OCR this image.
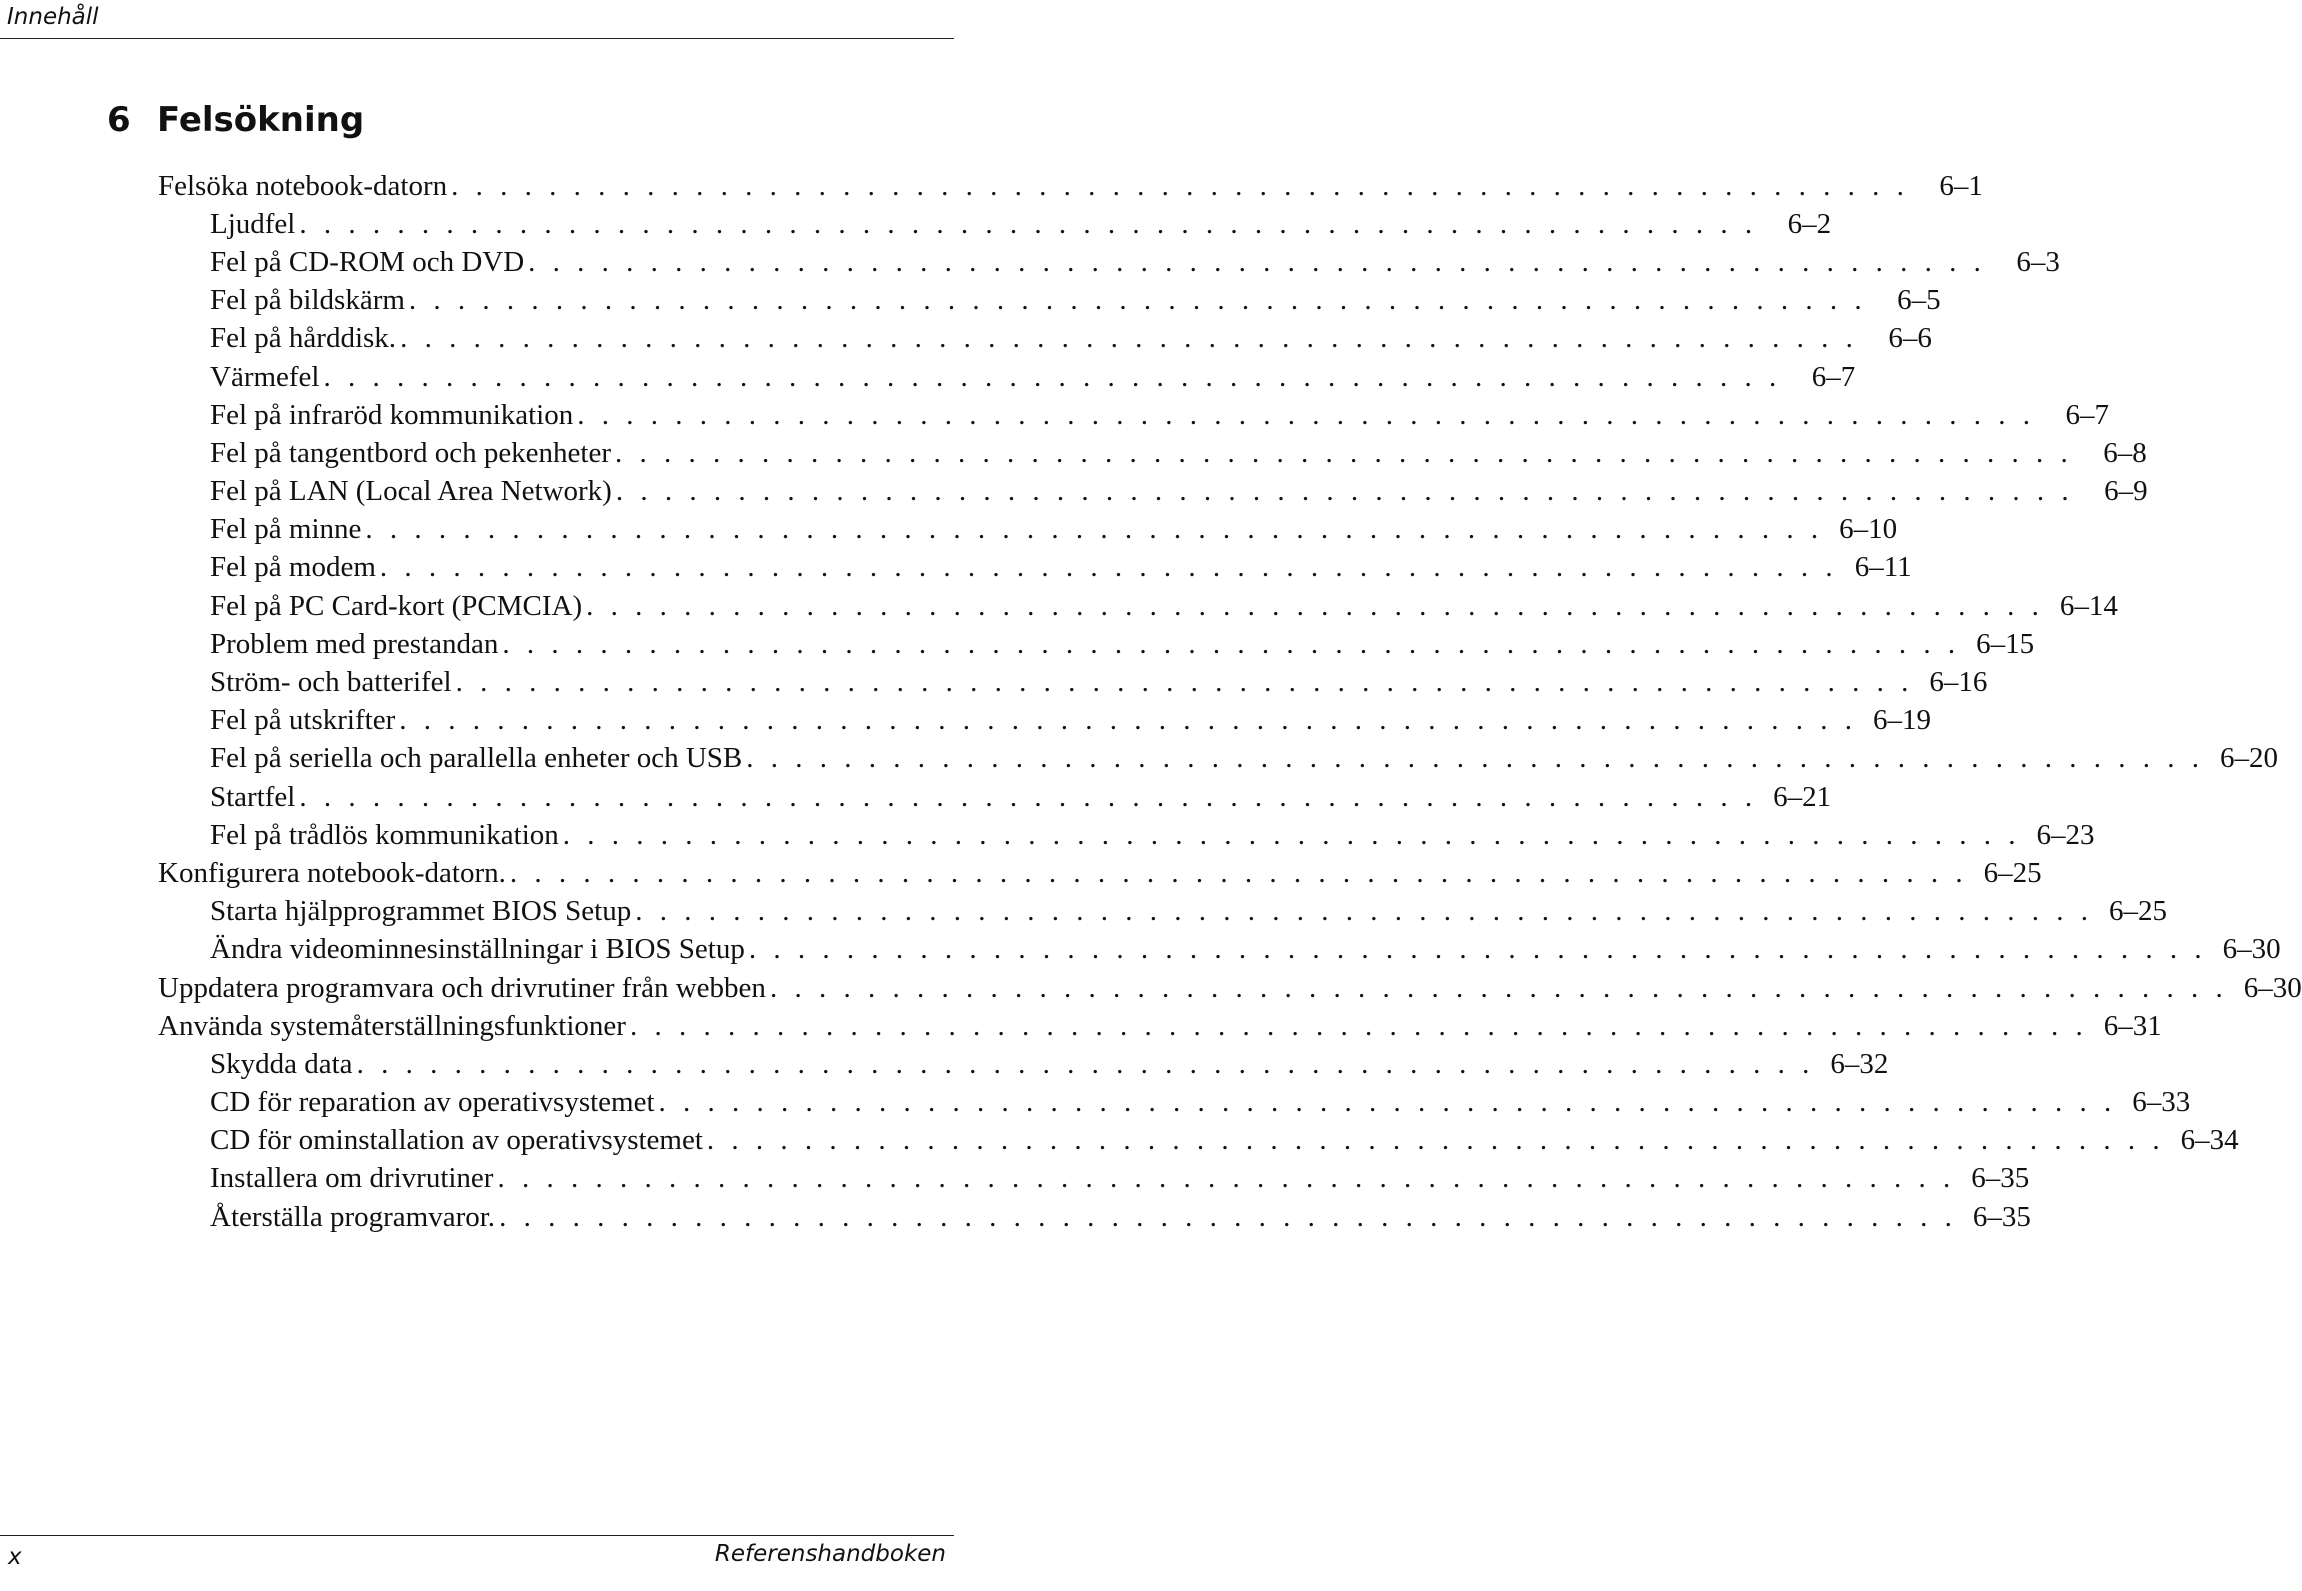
Innehåll
6 Felsökning
Felsöka notebook-datorn . . . . . . . . . . . . . . . . . . . . . . . . . . . . . . . . . . . . . . . . . . . . . . . . . . . . . . . . . . . .	6–1
Ljudfel . . . . . . . . . . . . . . . . . . . . . . . . . . . . . . . . . . . . . . . . . . . . . . . . . . . . . . . . . . . .	6–2
Fel på CD-ROM och DVD . . . . . . . . . . . . . . . . . . . . . . . . . . . . . . . . . . . . . . . . . . . . . . . . . . . . . . . . . . . .	6–3
Fel på bildskärm . . . . . . . . . . . . . . . . . . . . . . . . . . . . . . . . . . . . . . . . . . . . . . . . . . . . . . . . . . . .	6–5
Fel på hårddisk. . . . . . . . . . . . . . . . . . . . . . . . . . . . . . . . . . . . . . . . . . . . . . . . . . . . . . . . . . . . .	6–6
Värmefel . . . . . . . . . . . . . . . . . . . . . . . . . . . . . . . . . . . . . . . . . . . . . . . . . . . . . . . . . . . .	6–7
Fel på infraröd kommunikation . . . . . . . . . . . . . . . . . . . . . . . . . . . . . . . . . . . . . . . . . . . . . . . . . . . . . . . . . . . .	6–7
Fel på tangentbord och pekenheter . . . . . . . . . . . . . . . . . . . . . . . . . . . . . . . . . . . . . . . . . . . . . . . . . . . . . . . . . . . .	6–8
Fel på LAN (Local Area Network) . . . . . . . . . . . . . . . . . . . . . . . . . . . . . . . . . . . . . . . . . . . . . . . . . . . . . . . . . . . .	6–9
Fel på minne . . . . . . . . . . . . . . . . . . . . . . . . . . . . . . . . . . . . . . . . . . . . . . . . . . . . . . . . . . . . 6–10
Fel på modem . . . . . . . . . . . . . . . . . . . . . . . . . . . . . . . . . . . . . . . . . . . . . . . . . . . . . . . . . . . . 6–11
Fel på PC Card-kort (PCMCIA) . . . . . . . . . . . . . . . . . . . . . . . . . . . . . . . . . . . . . . . . . . . . . . . . . . . . . . . . . . . . 6–14
Problem med prestandan . . . . . . . . . . . . . . . . . . . . . . . . . . . . . . . . . . . . . . . . . . . . . . . . . . . . . . . . . . . . 6–15
Ström- och batterifel . . . . . . . . . . . . . . . . . . . . . . . . . . . . . . . . . . . . . . . . . . . . . . . . . . . . . . . . . . . . 6–16
Fel på utskrifter . . . . . . . . . . . . . . . . . . . . . . . . . . . . . . . . . . . . . . . . . . . . . . . . . . . . . . . . . . . . 6–19
Fel på seriella och parallella enheter och USB . . . . . . . . . . . . . . . . . . . . . . . . . . . . . . . . . . . . . . . . . . . . . . . . . . . . . . . . . . . . 6–20
Startfel . . . . . . . . . . . . . . . . . . . . . . . . . . . . . . . . . . . . . . . . . . . . . . . . . . . . . . . . . . . . 6–21
Fel på trådlös kommunikation . . . . . . . . . . . . . . . . . . . . . . . . . . . . . . . . . . . . . . . . . . . . . . . . . . . . . . . . . . . . 6–23
Konfigurera notebook-datorn. . . . . . . . . . . . . . . . . . . . . . . . . . . . . . . . . . . . . . . . . . . . . . . . . . . . . . . . . . . . . 6–25
Starta hjälpprogrammet BIOS Setup . . . . . . . . . . . . . . . . . . . . . . . . . . . . . . . . . . . . . . . . . . . . . . . . . . . . . . . . . . . . 6–25
Ändra videominnesinställningar i BIOS Setup . . . . . . . . . . . . . . . . . . . . . . . . . . . . . . . . . . . . . . . . . . . . . . . . . . . . . . . . . . . . 6–30
Uppdatera programvara och drivrutiner från webben . . . . . . . . . . . . . . . . . . . . . . . . . . . . . . . . . . . . . . . . . . . . . . . . . . . . . . . . . . . . 6–30
Använda systemåterställningsfunktioner . . . . . . . . . . . . . . . . . . . . . . . . . . . . . . . . . . . . . . . . . . . . . . . . . . . . . . . . . . . . 6–31
Skydda data . . . . . . . . . . . . . . . . . . . . . . . . . . . . . . . . . . . . . . . . . . . . . . . . . . . . . . . . . . . . 6–32
CD för reparation av operativsystemet . . . . . . . . . . . . . . . . . . . . . . . . . . . . . . . . . . . . . . . . . . . . . . . . . . . . . . . . . . . . 6–33
CD för ominstallation av operativsystemet . . . . . . . . . . . . . . . . . . . . . . . . . . . . . . . . . . . . . . . . . . . . . . . . . . . . . . . . . . . . 6–34
Installera om drivrutiner . . . . . . . . . . . . . . . . . . . . . . . . . . . . . . . . . . . . . . . . . . . . . . . . . . . . . . . . . . . . 6–35
Återställa programvaror. . . . . . . . . . . . . . . . . . . . . . . . . . . . . . . . . . . . . . . . . . . . . . . . . . . . . . . . . . . . . 6–35
x	Referenshandboken
